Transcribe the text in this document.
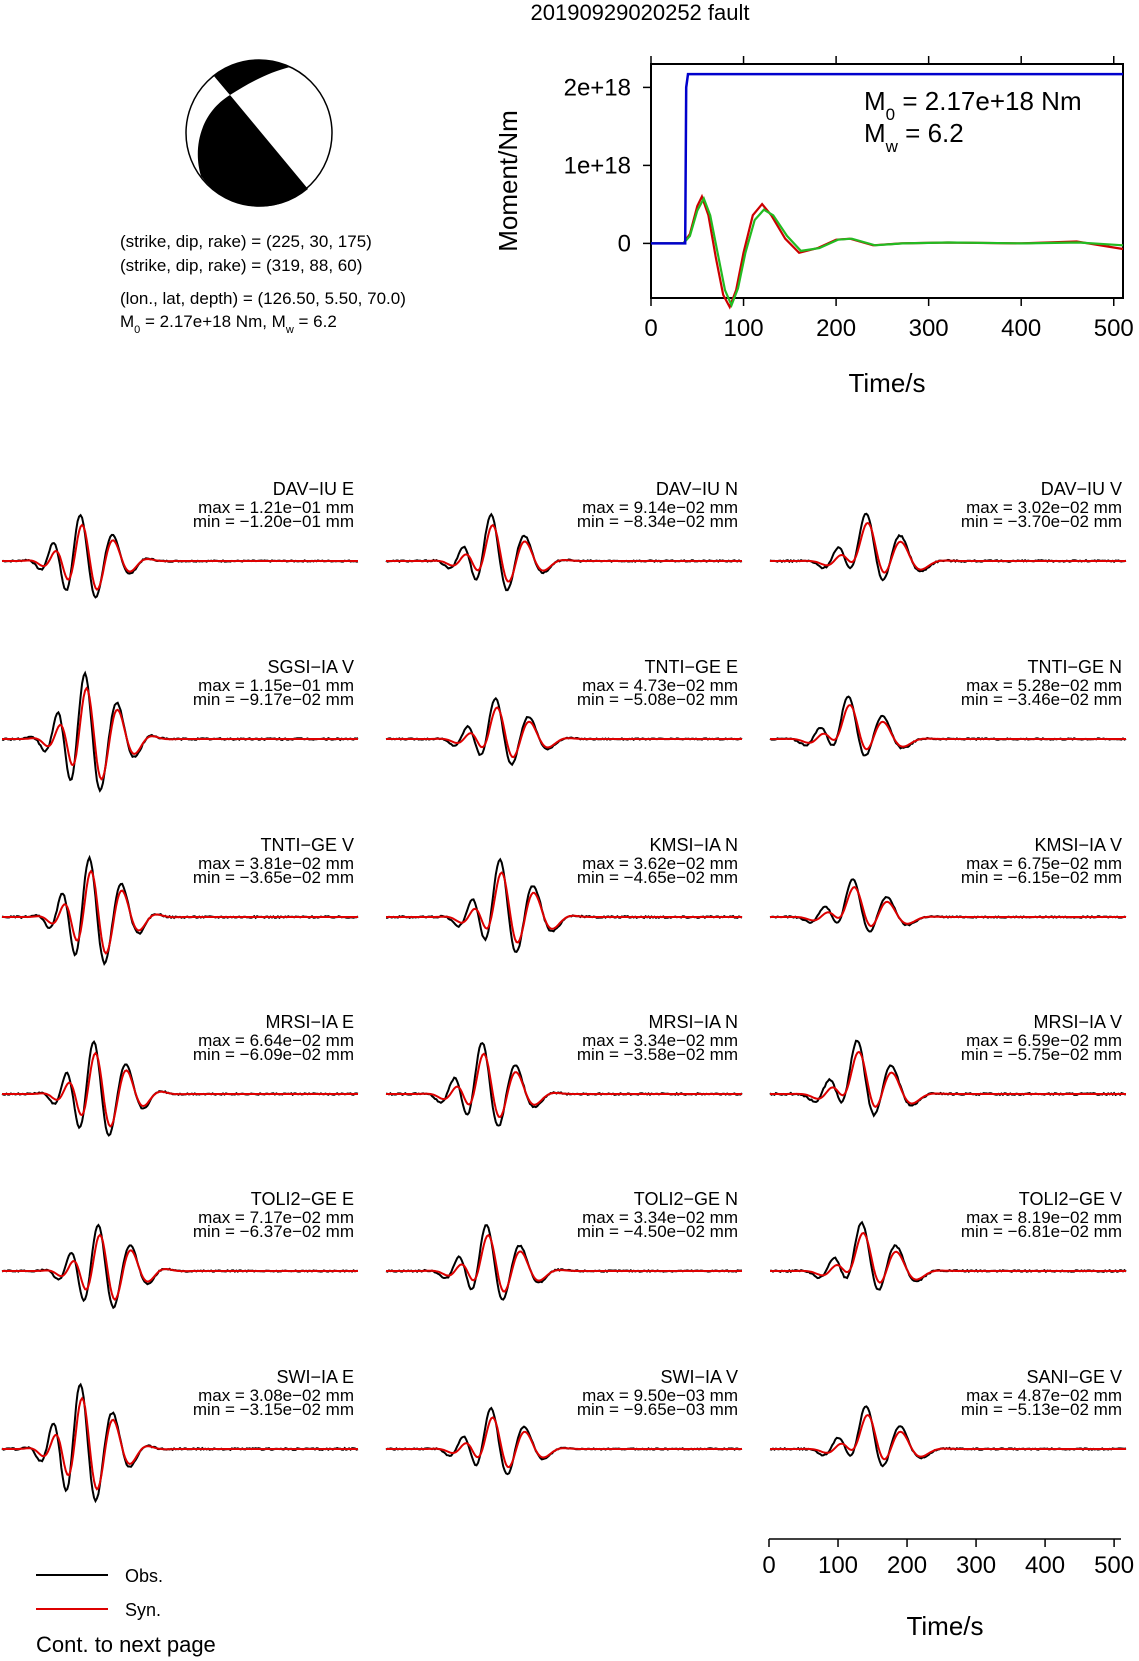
20190929020252 fault
(strike, dip, rake) = (225, 30, 175)
(strike, dip, rake) = (319, 88, 60)
(lon., lat, depth) = (126.50, 5.50, 70.0)
$M_0 = 2.17e+18$ Nm, $M_w = 6.2$	0	100 200 300 400 500
2e+18
1e+18
0
$M_0 = 2.17e+18$ Nm
$M_w = 6.2$
Time/s
Moment/Nm
DAV−IU E
max = 1.21e−01 mm
min = −1.20e−01 mm
DAV−IU N
max = 9.14e−02 mm
min = −8.34e−02 mm
DAV−IU V
max = 3.02e−02 mm
min = −3.70e−02 mm
SGSI−IA V
max = 1.15e−01 mm
min = −9.17e−02 mm
TNTI−GE E
max = 4.73e−02 mm
min = −5.08e−02 mm
TNTI−GE N
max = 5.28e−02 mm
min = −3.46e−02 mm
TNTI−GE V
max = 3.81e−02 mm
min = −3.65e−02 mm
KMSI−IA N
max = 3.62e−02 mm
min = −4.65e−02 mm
KMSI−IA V
max = 6.75e−02 mm
min = −6.15e−02 mm
MRSI−IA E
max = 6.64e−02 mm
min = −6.09e−02 mm
MRSI−IA N
max = 3.34e−02 mm
min = −3.58e−02 mm
MRSI−IA V
max = 6.59e−02 mm
min = −5.75e−02 mm
TOLI2−GE E
max = 7.17e−02 mm
min = −6.37e−02 mm
TOLI2−GE N
max = 3.34e−02 mm
min = −4.50e−02 mm
TOLI2−GE V
max = 8.19e−02 mm
min = −6.81e−02 mm
SWI−IA E
max = 3.08e−02 mm
min = −3.15e−02 mm
SWI−IA V
max = 9.50e−03 mm
min = −9.65e−03 mm
SANI−GE V
max = 4.87e−02 mm
min = −5.13e−02 mm
Time/s
0 100 200 300 400 500
Obs.
Syn.
Cont. to next page
